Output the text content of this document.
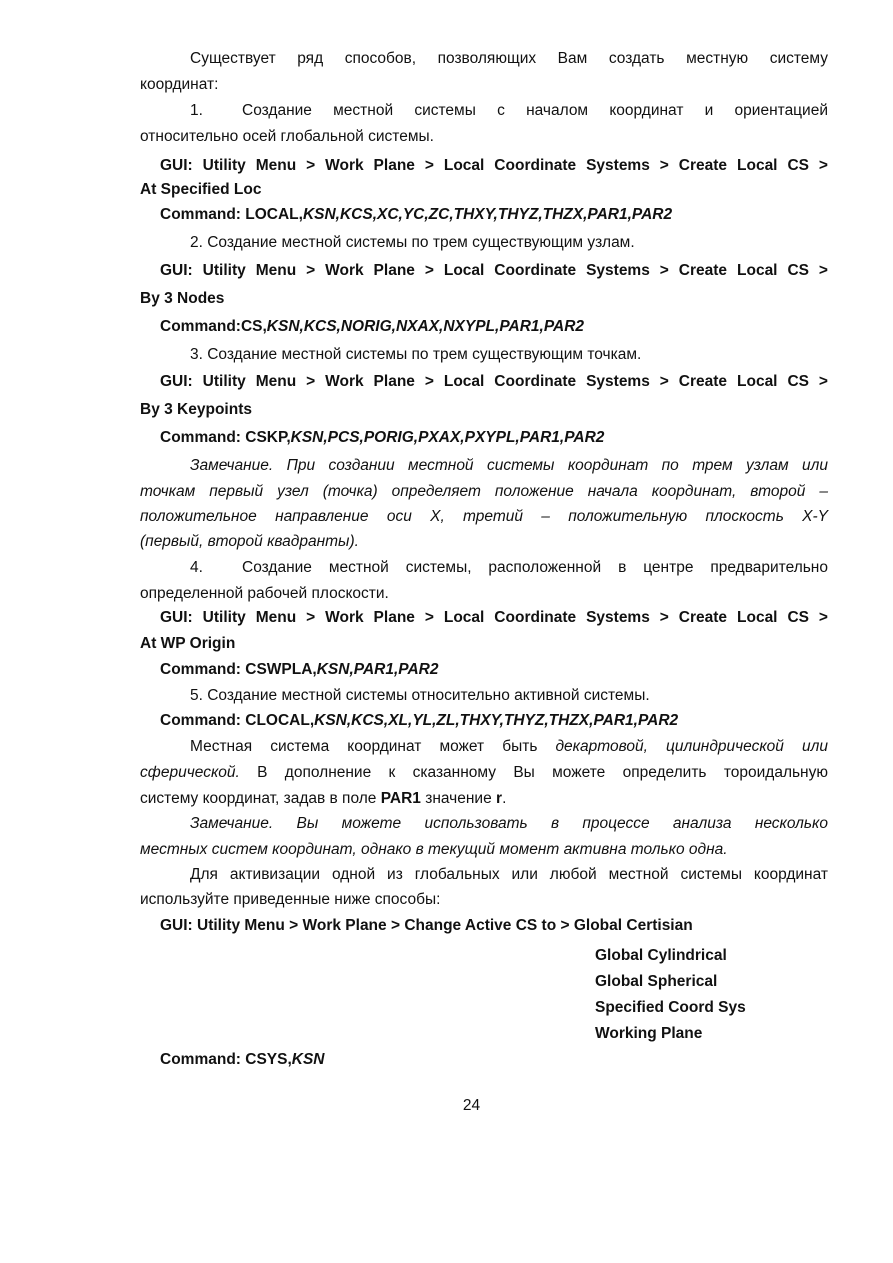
Существует ряд способов, позволяющих Вам создать местную систему
координат:
1.	Создание местной системы с началом координат и ориентацией
относительно осей глобальной системы.
GUI: Utility Menu > Work Plane > Local Coordinate Systems > Create Local CS >
At Specified Loc
Command: LOCAL,KSN,KCS,XC,YC,ZC,THXY,THYZ,THZX,PAR1,PAR2
2. Создание местной системы по трем существующим узлам.
GUI: Utility Menu > Work Plane > Local Coordinate Systems > Create Local CS >
By 3 Nodes
Command:CS,KSN,KCS,NORIG,NXAX,NXYPL,PAR1,PAR2
3. Создание местной системы по трем существующим точкам.
GUI: Utility Menu > Work Plane > Local Coordinate Systems > Create Local CS >
By 3 Keypoints
Command: CSKP,KSN,PCS,PORIG,PXAX,PXYPL,PAR1,PAR2
Замечание. При создании местной системы координат по трем узлам или
точкам первый узел (точка) определяет положение начала координат, второй –
положительное направление оси X, третий – положительную плоскость X-Y
(первый, второй квадранты).
4.	Создание местной системы, расположенной в центре предварительно
определенной рабочей плоскости.
GUI: Utility Menu > Work Plane > Local Coordinate Systems > Create Local CS >
At WP Origin
Command: CSWPLA,KSN,PAR1,PAR2
5. Создание местной системы относительно активной системы.
Command: CLOCAL,KSN,KCS,XL,YL,ZL,THXY,THYZ,THZX,PAR1,PAR2
Местная система координат может быть декартовой, цилиндрической или
сферической. В дополнение к сказанному Вы можете определить тороидальную
систему координат, задав в поле PAR1 значение r.
Замечание. Вы можете использовать в процессе анализа несколько
местных систем координат, однако в текущий момент активна только одна.
Для активизации одной из глобальных или любой местной системы координат
используйте приведенные ниже способы:
GUI: Utility Menu > Work Plane > Change Active CS to > Global Certisian
Global Cylindrical
Global Spherical
Specified Coord Sys
Working Plane
Command: CSYS,KSN
24
